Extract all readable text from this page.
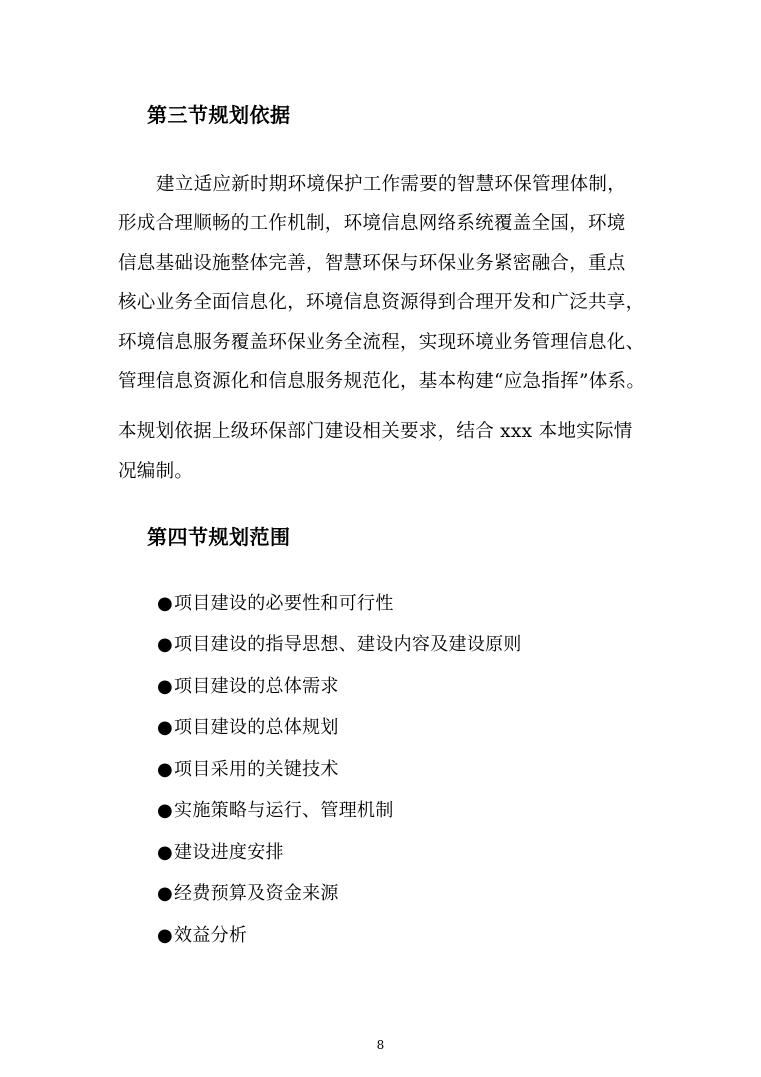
第三节规划依据
建立适应新时期环境保护工作需要的智慧环保管理体制，
形成合理顺畅的工作机制，环境信息网络系统覆盖全国，环境
信息基础设施整体完善，智慧环保与环保业务紧密融合，重点
核心业务全面信息化，环境信息资源得到合理开发和广泛共享，
环境信息服务覆盖环保业务全流程，实现环境业务管理信息化、
管理信息资源化和信息服务规范化，基本构建“应急指挥”体系。
本规划依据上级环保部门建设相关要求，结合 xxx 本地实际情
况编制。
第四节规划范围
●项目建设的必要性和可行性
●项目建设的指导思想、建设内容及建设原则
●项目建设的总体需求
●项目建设的总体规划
●项目采用的关键技术
●实施策略与运行、管理机制
●建设进度安排
●经费预算及资金来源
●效益分析
8
